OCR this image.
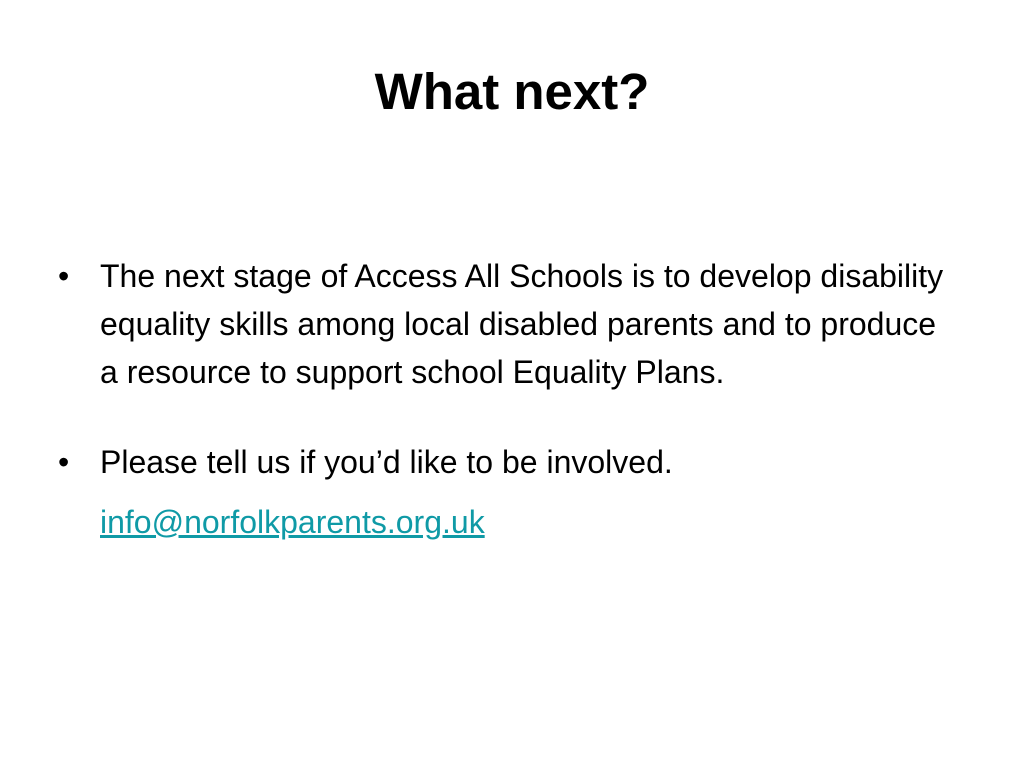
What next?
• The next stage of Access All Schools is to develop disability equality skills among local disabled parents and to produce a resource to support school Equality Plans.
• Please tell us if you’d like to be involved.
info@norfolkparents.org.uk
